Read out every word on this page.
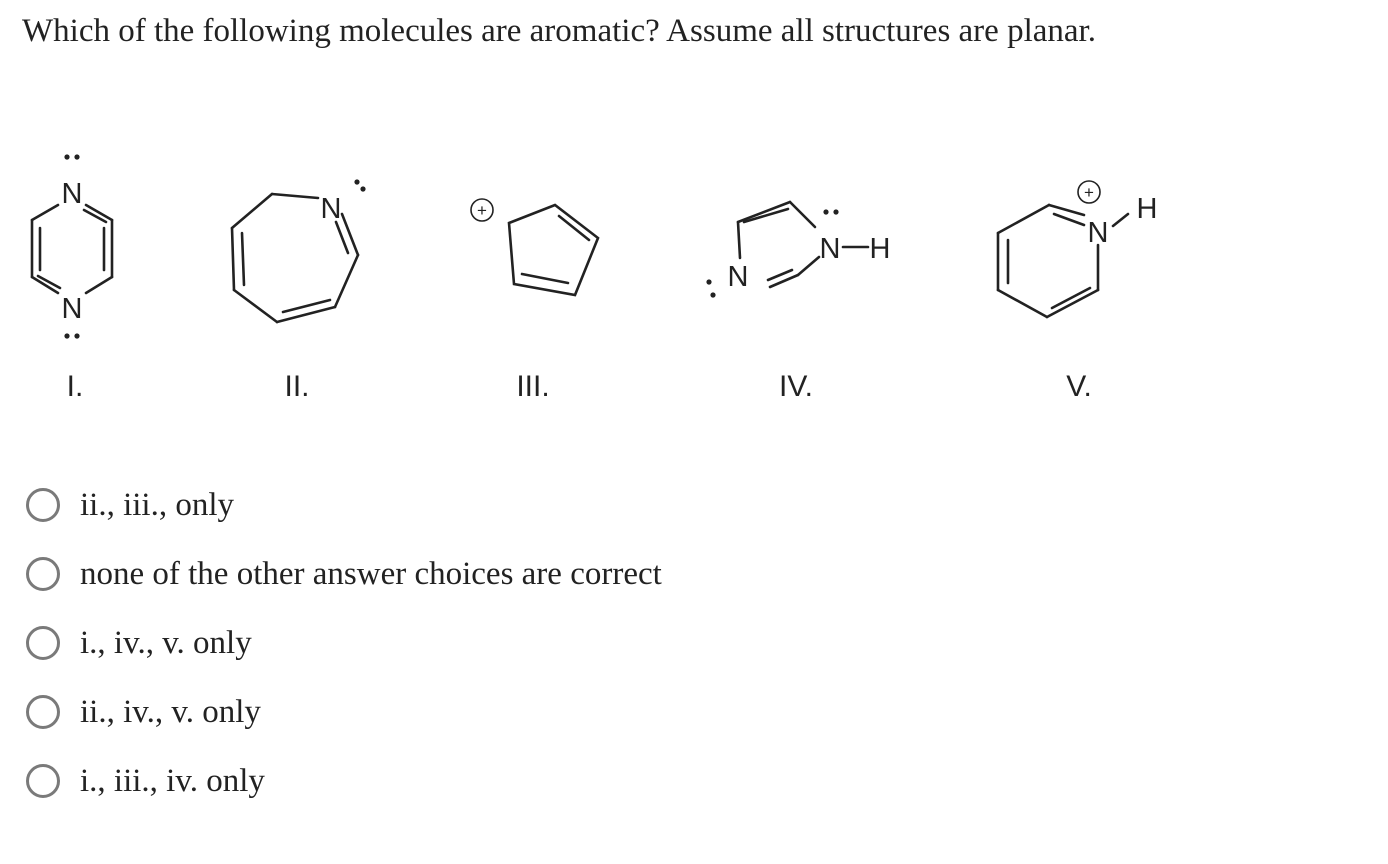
Which of the following molecules are aromatic? Assume all structures are planar.
N
N
I.
N
II.
+
III.
N H
N
IV.
N
H
+
V.
ii., iii., only
none of the other answer choices are correct
i., iv., v. only
ii., iv., v. only
i., iii., iv. only
